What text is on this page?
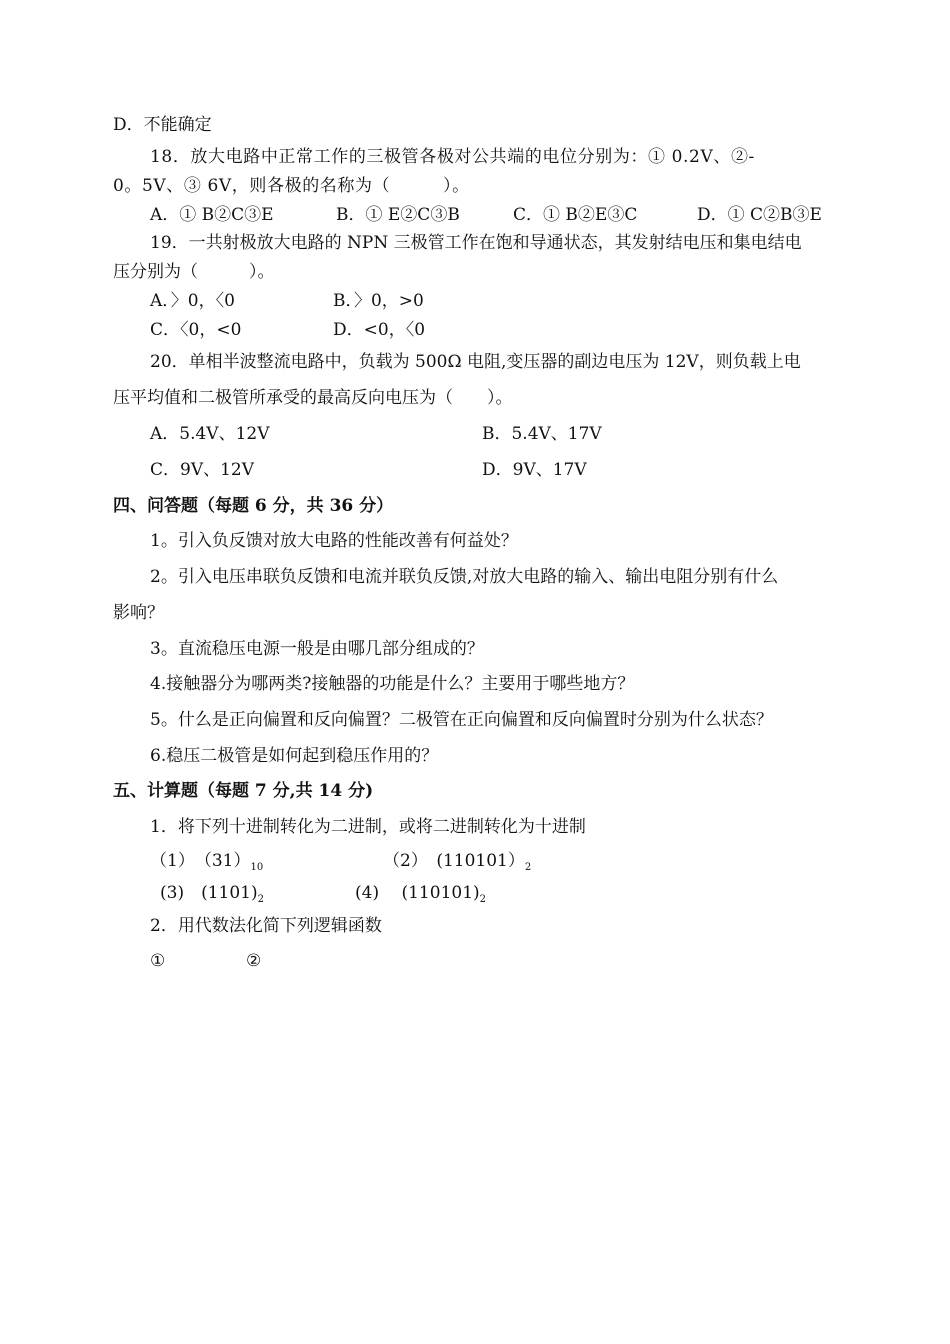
D．不能确定
18．放大电路中正常工作的三极管各极对公共端的电位分别为：① 0.2V、②-
0。5V、③ 6V，则各极的名称为（　　　）。
A．① B②C③E	B．① E②C③B	C．① B②E③C	D．① C②B③E
19．一共射极放大电路的 NPN 三极管工作在饱和导通状态，其发射结电压和集电结电
压分别为（　　　）。
A．〉0，〈0	B．〉0，>0
C．〈0，<0	D．<0，〈0
20．单相半波整流电路中，负载为 500Ω 电阻,变压器的副边电压为 12V，则负载上电
压平均值和二极管所承受的最高反向电压为（　　）。
A．5.4V、12V	B．5.4V、17V
C．9V、12V	D．9V、17V
四、问答题（每题 6 分，共 36 分）
1。引入负反馈对放大电路的性能改善有何益处？
2。引入电压串联负反馈和电流并联负反馈,对放大电路的输入、输出电阻分别有什么
影响？
3。直流稳压电源一般是由哪几部分组成的？
4.接触器分为哪两类?接触器的功能是什么？主要用于哪些地方？
5。什么是正向偏置和反向偏置？二极管在正向偏置和反向偏置时分别为什么状态？
6.稳压二极管是如何起到稳压作用的？
五、计算题（每题 7 分,共 14 分)
1．将下列十进制转化为二进制，或将二进制转化为十进制
（1）　$(31)_{10}$	（2）　$(110101)_2$
(3)　$(1101)_2$	(4)　 $(110101)_2$
2．用代数法化简下列逻辑函数
①	②
